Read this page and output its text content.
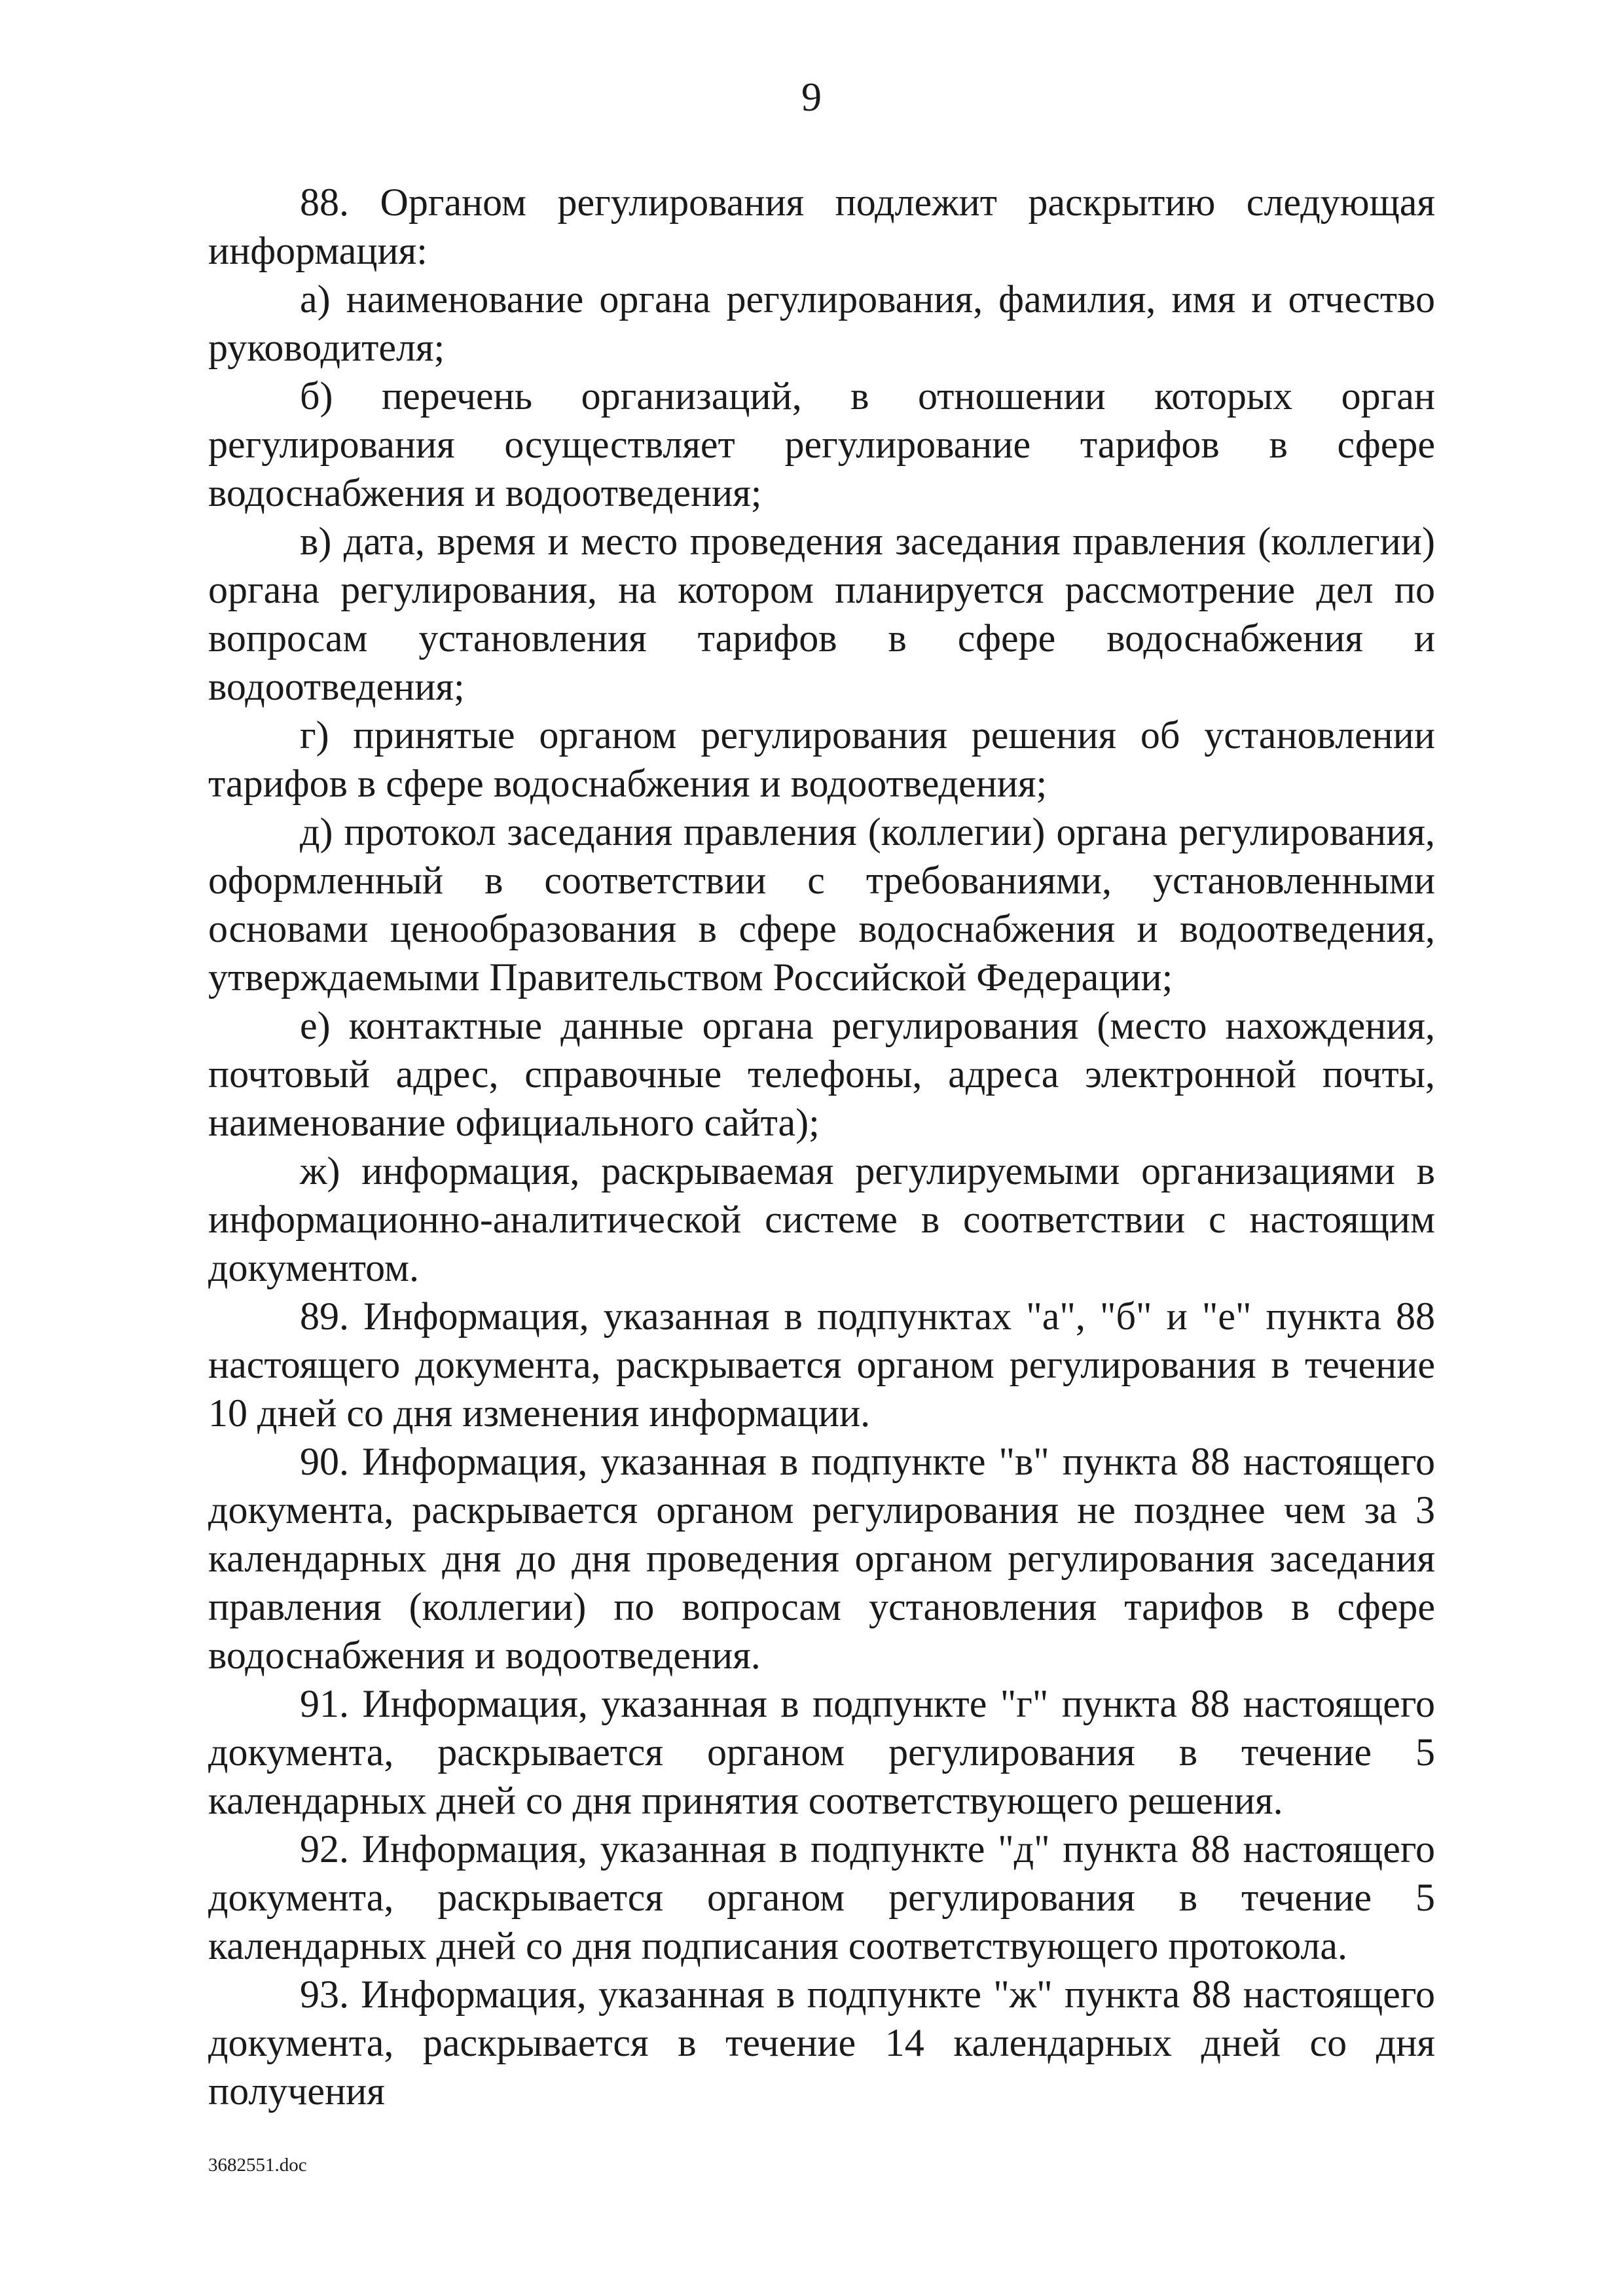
9

88. Органом регулирования подлежит раскрытию следующая информация:

а) наименование органа регулирования, фамилия, имя и отчество руководителя;

б) перечень организаций, в отношении которых орган регулирования осуществляет регулирование тарифов в сфере водоснабжения и водоотведения;

в) дата, время и место проведения заседания правления (коллегии) органа регулирования, на котором планируется рассмотрение дел по вопросам установления тарифов в сфере водоснабжения и водоотведения;

г) принятые органом регулирования решения об установлении тарифов в сфере водоснабжения и водоотведения;

д) протокол заседания правления (коллегии) органа регулирования, оформленный в соответствии с требованиями, установленными основами ценообразования в сфере водоснабжения и водоотведения, утверждаемыми Правительством Российской Федерации;

е) контактные данные органа регулирования (место нахождения, почтовый адрес, справочные телефоны, адреса электронной почты, наименование официального сайта);

ж) информация, раскрываемая регулируемыми организациями в информационно-аналитической системе в соответствии с настоящим документом.

89. Информация, указанная в подпунктах "а", "б" и "е" пункта 88 настоящего документа, раскрывается органом регулирования в течение 10 дней со дня изменения информации.

90. Информация, указанная в подпункте "в" пункта 88 настоящего документа, раскрывается органом регулирования не позднее чем за 3 календарных дня до дня проведения органом регулирования заседания правления (коллегии) по вопросам установления тарифов в сфере водоснабжения и водоотведения.

91. Информация, указанная в подпункте "г" пункта 88 настоящего документа, раскрывается органом регулирования в течение 5 календарных дней со дня принятия соответствующего решения.

92. Информация, указанная в подпункте "д" пункта 88 настоящего документа, раскрывается органом регулирования в течение 5 календарных дней со дня подписания соответствующего протокола.

93. Информация, указанная в подпункте "ж" пункта 88 настоящего документа, раскрывается в течение 14 календарных дней со дня получения

3682551.doc
